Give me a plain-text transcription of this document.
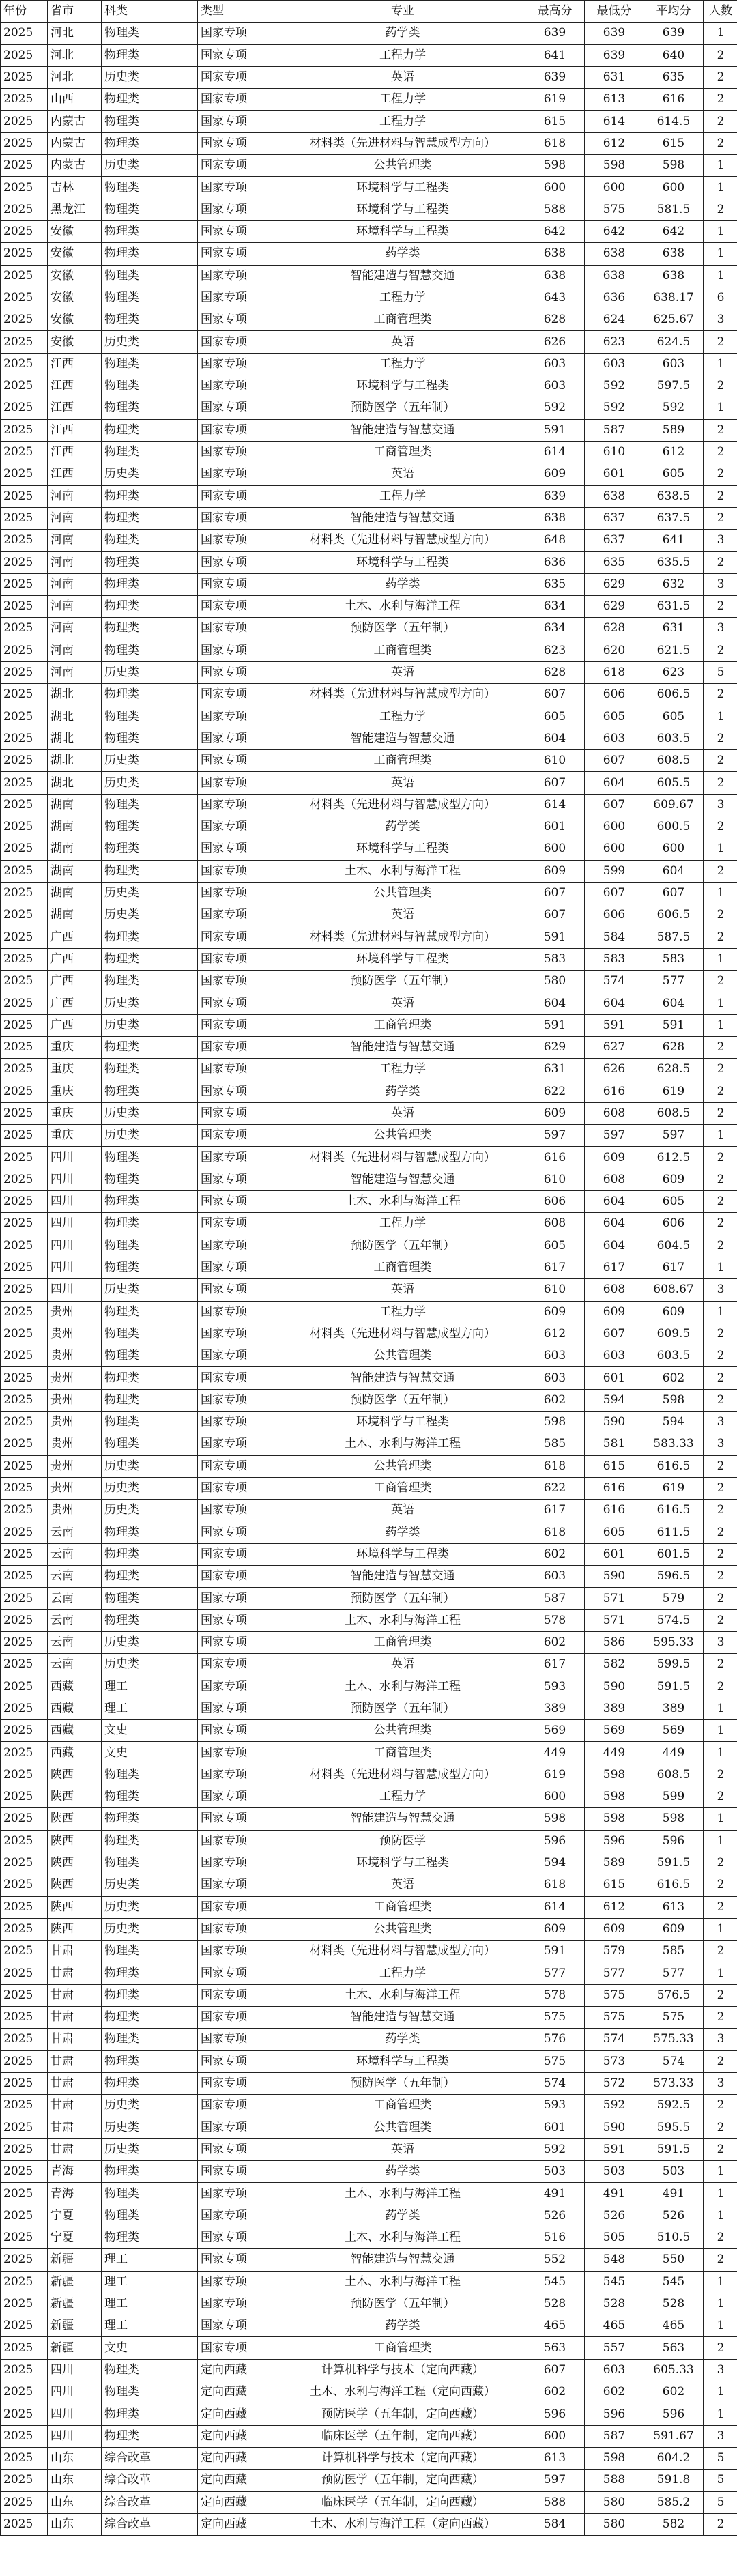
年份	省市	科类	类型	专业	最高分	最低分	平均分	人数
2025	河北	物理类	国家专项	药学类	639	639	639	1
2025	河北	物理类	国家专项	工程力学	641	639	640	2
2025	河北	历史类	国家专项	英语	639	631	635	2
2025	山西	物理类	国家专项	工程力学	619	613	616	2
2025	内蒙古	物理类	国家专项	工程力学	615	614	614.5	2
2025	内蒙古	物理类	国家专项	材料类（先进材料与智慧成型方向）	618	612	615	2
2025	内蒙古	历史类	国家专项	公共管理类	598	598	598	1
2025	吉林	物理类	国家专项	环境科学与工程类	600	600	600	1
2025	黑龙江	物理类	国家专项	环境科学与工程类	588	575	581.5	2
2025	安徽	物理类	国家专项	环境科学与工程类	642	642	642	1
2025	安徽	物理类	国家专项	药学类	638	638	638	1
2025	安徽	物理类	国家专项	智能建造与智慧交通	638	638	638	1
2025	安徽	物理类	国家专项	工程力学	643	636	638.17	6
2025	安徽	物理类	国家专项	工商管理类	628	624	625.67	3
2025	安徽	历史类	国家专项	英语	626	623	624.5	2
2025	江西	物理类	国家专项	工程力学	603	603	603	1
2025	江西	物理类	国家专项	环境科学与工程类	603	592	597.5	2
2025	江西	物理类	国家专项	预防医学（五年制）	592	592	592	1
2025	江西	物理类	国家专项	智能建造与智慧交通	591	587	589	2
2025	江西	物理类	国家专项	工商管理类	614	610	612	2
2025	江西	历史类	国家专项	英语	609	601	605	2
2025	河南	物理类	国家专项	工程力学	639	638	638.5	2
2025	河南	物理类	国家专项	智能建造与智慧交通	638	637	637.5	2
2025	河南	物理类	国家专项	材料类（先进材料与智慧成型方向）	648	637	641	3
2025	河南	物理类	国家专项	环境科学与工程类	636	635	635.5	2
2025	河南	物理类	国家专项	药学类	635	629	632	3
2025	河南	物理类	国家专项	土木、水利与海洋工程	634	629	631.5	2
2025	河南	物理类	国家专项	预防医学（五年制）	634	628	631	3
2025	河南	物理类	国家专项	工商管理类	623	620	621.5	2
2025	河南	历史类	国家专项	英语	628	618	623	5
2025	湖北	物理类	国家专项	材料类（先进材料与智慧成型方向）	607	606	606.5	2
2025	湖北	物理类	国家专项	工程力学	605	605	605	1
2025	湖北	物理类	国家专项	智能建造与智慧交通	604	603	603.5	2
2025	湖北	历史类	国家专项	工商管理类	610	607	608.5	2
2025	湖北	历史类	国家专项	英语	607	604	605.5	2
2025	湖南	物理类	国家专项	材料类（先进材料与智慧成型方向）	614	607	609.67	3
2025	湖南	物理类	国家专项	药学类	601	600	600.5	2
2025	湖南	物理类	国家专项	环境科学与工程类	600	600	600	1
2025	湖南	物理类	国家专项	土木、水利与海洋工程	609	599	604	2
2025	湖南	历史类	国家专项	公共管理类	607	607	607	1
2025	湖南	历史类	国家专项	英语	607	606	606.5	2
2025	广西	物理类	国家专项	材料类（先进材料与智慧成型方向）	591	584	587.5	2
2025	广西	物理类	国家专项	环境科学与工程类	583	583	583	1
2025	广西	物理类	国家专项	预防医学（五年制）	580	574	577	2
2025	广西	历史类	国家专项	英语	604	604	604	1
2025	广西	历史类	国家专项	工商管理类	591	591	591	1
2025	重庆	物理类	国家专项	智能建造与智慧交通	629	627	628	2
2025	重庆	物理类	国家专项	工程力学	631	626	628.5	2
2025	重庆	物理类	国家专项	药学类	622	616	619	2
2025	重庆	历史类	国家专项	英语	609	608	608.5	2
2025	重庆	历史类	国家专项	公共管理类	597	597	597	1
2025	四川	物理类	国家专项	材料类（先进材料与智慧成型方向）	616	609	612.5	2
2025	四川	物理类	国家专项	智能建造与智慧交通	610	608	609	2
2025	四川	物理类	国家专项	土木、水利与海洋工程	606	604	605	2
2025	四川	物理类	国家专项	工程力学	608	604	606	2
2025	四川	物理类	国家专项	预防医学（五年制）	605	604	604.5	2
2025	四川	物理类	国家专项	工商管理类	617	617	617	1
2025	四川	历史类	国家专项	英语	610	608	608.67	3
2025	贵州	物理类	国家专项	工程力学	609	609	609	1
2025	贵州	物理类	国家专项	材料类（先进材料与智慧成型方向）	612	607	609.5	2
2025	贵州	物理类	国家专项	公共管理类	603	603	603.5	2
2025	贵州	物理类	国家专项	智能建造与智慧交通	603	601	602	2
2025	贵州	物理类	国家专项	预防医学（五年制）	602	594	598	2
2025	贵州	物理类	国家专项	环境科学与工程类	598	590	594	3
2025	贵州	物理类	国家专项	土木、水利与海洋工程	585	581	583.33	3
2025	贵州	历史类	国家专项	公共管理类	618	615	616.5	2
2025	贵州	历史类	国家专项	工商管理类	622	616	619	2
2025	贵州	历史类	国家专项	英语	617	616	616.5	2
2025	云南	物理类	国家专项	药学类	618	605	611.5	2
2025	云南	物理类	国家专项	环境科学与工程类	602	601	601.5	2
2025	云南	物理类	国家专项	智能建造与智慧交通	603	590	596.5	2
2025	云南	物理类	国家专项	预防医学（五年制）	587	571	579	2
2025	云南	物理类	国家专项	土木、水利与海洋工程	578	571	574.5	2
2025	云南	历史类	国家专项	工商管理类	602	586	595.33	3
2025	云南	历史类	国家专项	英语	617	582	599.5	2
2025	西藏	理工	国家专项	土木、水利与海洋工程	593	590	591.5	2
2025	西藏	理工	国家专项	预防医学（五年制）	389	389	389	1
2025	西藏	文史	国家专项	公共管理类	569	569	569	1
2025	西藏	文史	国家专项	工商管理类	449	449	449	1
2025	陕西	物理类	国家专项	材料类（先进材料与智慧成型方向）	619	598	608.5	2
2025	陕西	物理类	国家专项	工程力学	600	598	599	2
2025	陕西	物理类	国家专项	智能建造与智慧交通	598	598	598	1
2025	陕西	物理类	国家专项	预防医学	596	596	596	1
2025	陕西	物理类	国家专项	环境科学与工程类	594	589	591.5	2
2025	陕西	历史类	国家专项	英语	618	615	616.5	2
2025	陕西	历史类	国家专项	工商管理类	614	612	613	2
2025	陕西	历史类	国家专项	公共管理类	609	609	609	1
2025	甘肃	物理类	国家专项	材料类（先进材料与智慧成型方向）	591	579	585	2
2025	甘肃	物理类	国家专项	工程力学	577	577	577	1
2025	甘肃	物理类	国家专项	土木、水利与海洋工程	578	575	576.5	2
2025	甘肃	物理类	国家专项	智能建造与智慧交通	575	575	575	2
2025	甘肃	物理类	国家专项	药学类	576	574	575.33	3
2025	甘肃	物理类	国家专项	环境科学与工程类	575	573	574	2
2025	甘肃	物理类	国家专项	预防医学（五年制）	574	572	573.33	3
2025	甘肃	历史类	国家专项	工商管理类	593	592	592.5	2
2025	甘肃	历史类	国家专项	公共管理类	601	590	595.5	2
2025	甘肃	历史类	国家专项	英语	592	591	591.5	2
2025	青海	物理类	国家专项	药学类	503	503	503	1
2025	青海	物理类	国家专项	土木、水利与海洋工程	491	491	491	1
2025	宁夏	物理类	国家专项	药学类	526	526	526	1
2025	宁夏	物理类	国家专项	土木、水利与海洋工程	516	505	510.5	2
2025	新疆	理工	国家专项	智能建造与智慧交通	552	548	550	2
2025	新疆	理工	国家专项	土木、水利与海洋工程	545	545	545	1
2025	新疆	理工	国家专项	预防医学（五年制）	528	528	528	1
2025	新疆	理工	国家专项	药学类	465	465	465	1
2025	新疆	文史	国家专项	工商管理类	563	557	563	2
2025	四川	物理类	定向西藏	计算机科学与技术（定向西藏）	607	603	605.33	3
2025	四川	物理类	定向西藏	土木、水利与海洋工程（定向西藏）	602	602	602	1
2025	四川	物理类	定向西藏	预防医学（五年制，定向西藏）	596	596	596	1
2025	四川	物理类	定向西藏	临床医学（五年制，定向西藏）	600	587	591.67	3
2025	山东	综合改革	定向西藏	计算机科学与技术（定向西藏）	613	598	604.2	5
2025	山东	综合改革	定向西藏	预防医学（五年制，定向西藏）	597	588	591.8	5
2025	山东	综合改革	定向西藏	临床医学（五年制，定向西藏）	588	580	585.2	5
2025	山东	综合改革	定向西藏	土木、水利与海洋工程（定向西藏）	584	580	582	2
